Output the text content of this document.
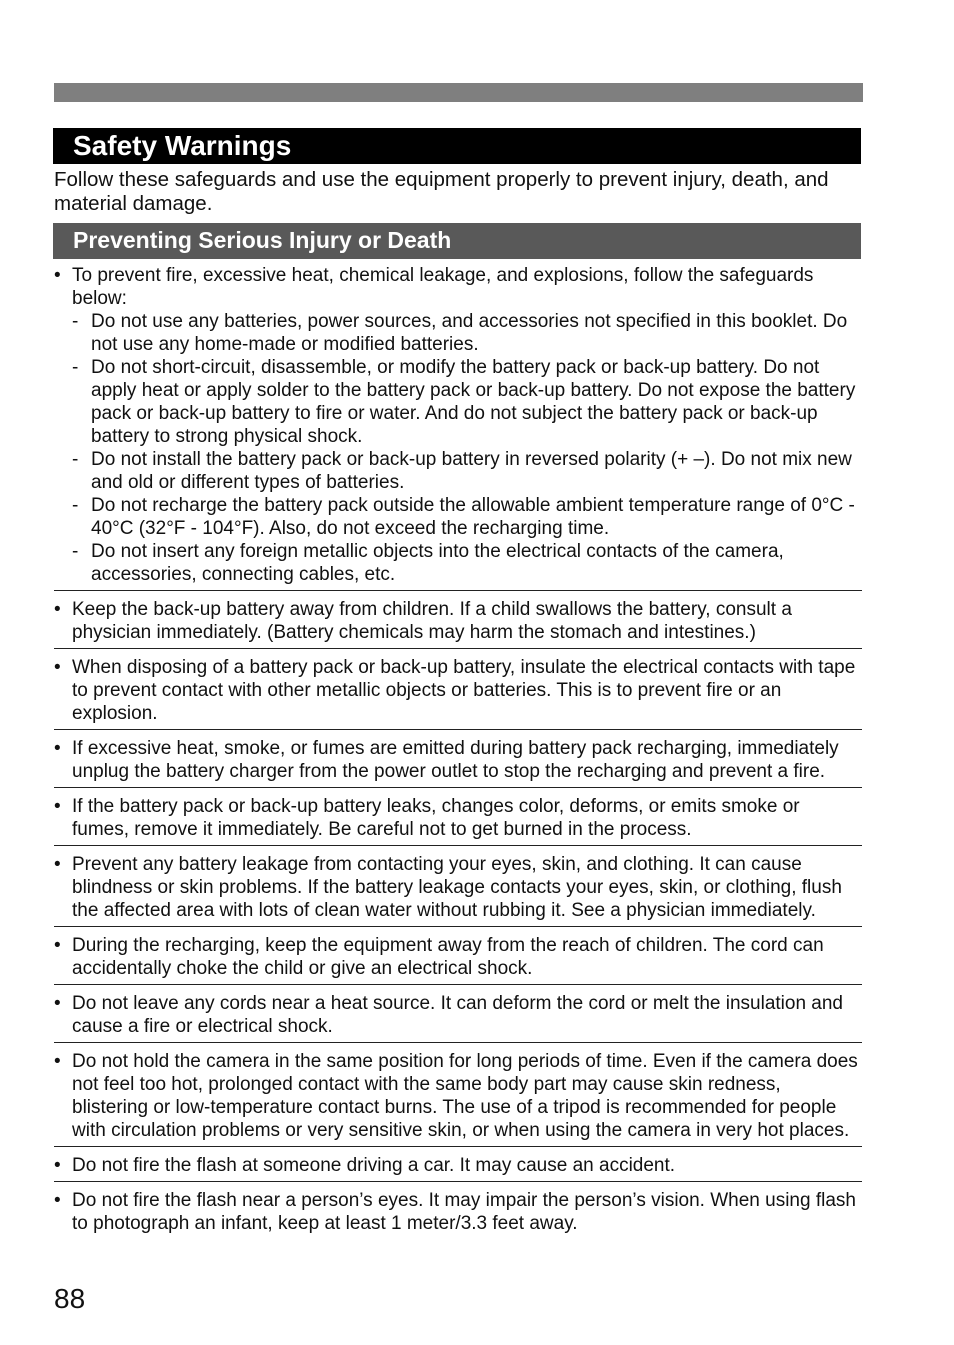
Safety Warnings

Follow these safeguards and use the equipment properly to prevent injury, death, and material damage.

Preventing Serious Injury or Death
• To prevent fire, excessive heat, chemical leakage, and explosions, follow the safeguards below:
- Do not use any batteries, power sources, and accessories not specified in this booklet. Do not use any home-made or modified batteries.
- Do not short-circuit, disassemble, or modify the battery pack or back-up battery. Do not apply heat or apply solder to the battery pack or back-up battery. Do not expose the battery pack or back-up battery to fire or water. And do not subject the battery pack or back-up battery to strong physical shock.
- Do not install the battery pack or back-up battery in reversed polarity (+ –). Do not mix new and old or different types of batteries.
- Do not recharge the battery pack outside the allowable ambient temperature range of 0°C - 40°C (32°F - 104°F). Also, do not exceed the recharging time.
- Do not insert any foreign metallic objects into the electrical contacts of the camera, accessories, connecting cables, etc.
• Keep the back-up battery away from children. If a child swallows the battery, consult a physician immediately. (Battery chemicals may harm the stomach and intestines.)
• When disposing of a battery pack or back-up battery, insulate the electrical contacts with tape to prevent contact with other metallic objects or batteries. This is to prevent fire or an explosion.
• If excessive heat, smoke, or fumes are emitted during battery pack recharging, immediately unplug the battery charger from the power outlet to stop the recharging and prevent a fire.
• If the battery pack or back-up battery leaks, changes color, deforms, or emits smoke or fumes, remove it immediately. Be careful not to get burned in the process.
• Prevent any battery leakage from contacting your eyes, skin, and clothing. It can cause blindness or skin problems. If the battery leakage contacts your eyes, skin, or clothing, flush the affected area with lots of clean water without rubbing it. See a physician immediately.
• During the recharging, keep the equipment away from the reach of children. The cord can accidentally choke the child or give an electrical shock.
• Do not leave any cords near a heat source. It can deform the cord or melt the insulation and cause a fire or electrical shock.
• Do not hold the camera in the same position for long periods of time. Even if the camera does not feel too hot, prolonged contact with the same body part may cause skin redness, blistering or low-temperature contact burns. The use of a tripod is recommended for people with circulation problems or very sensitive skin, or when using the camera in very hot places.
• Do not fire the flash at someone driving a car. It may cause an accident.
• Do not fire the flash near a person’s eyes. It may impair the person’s vision. When using flash to photograph an infant, keep at least 1 meter/3.3 feet away.
88
